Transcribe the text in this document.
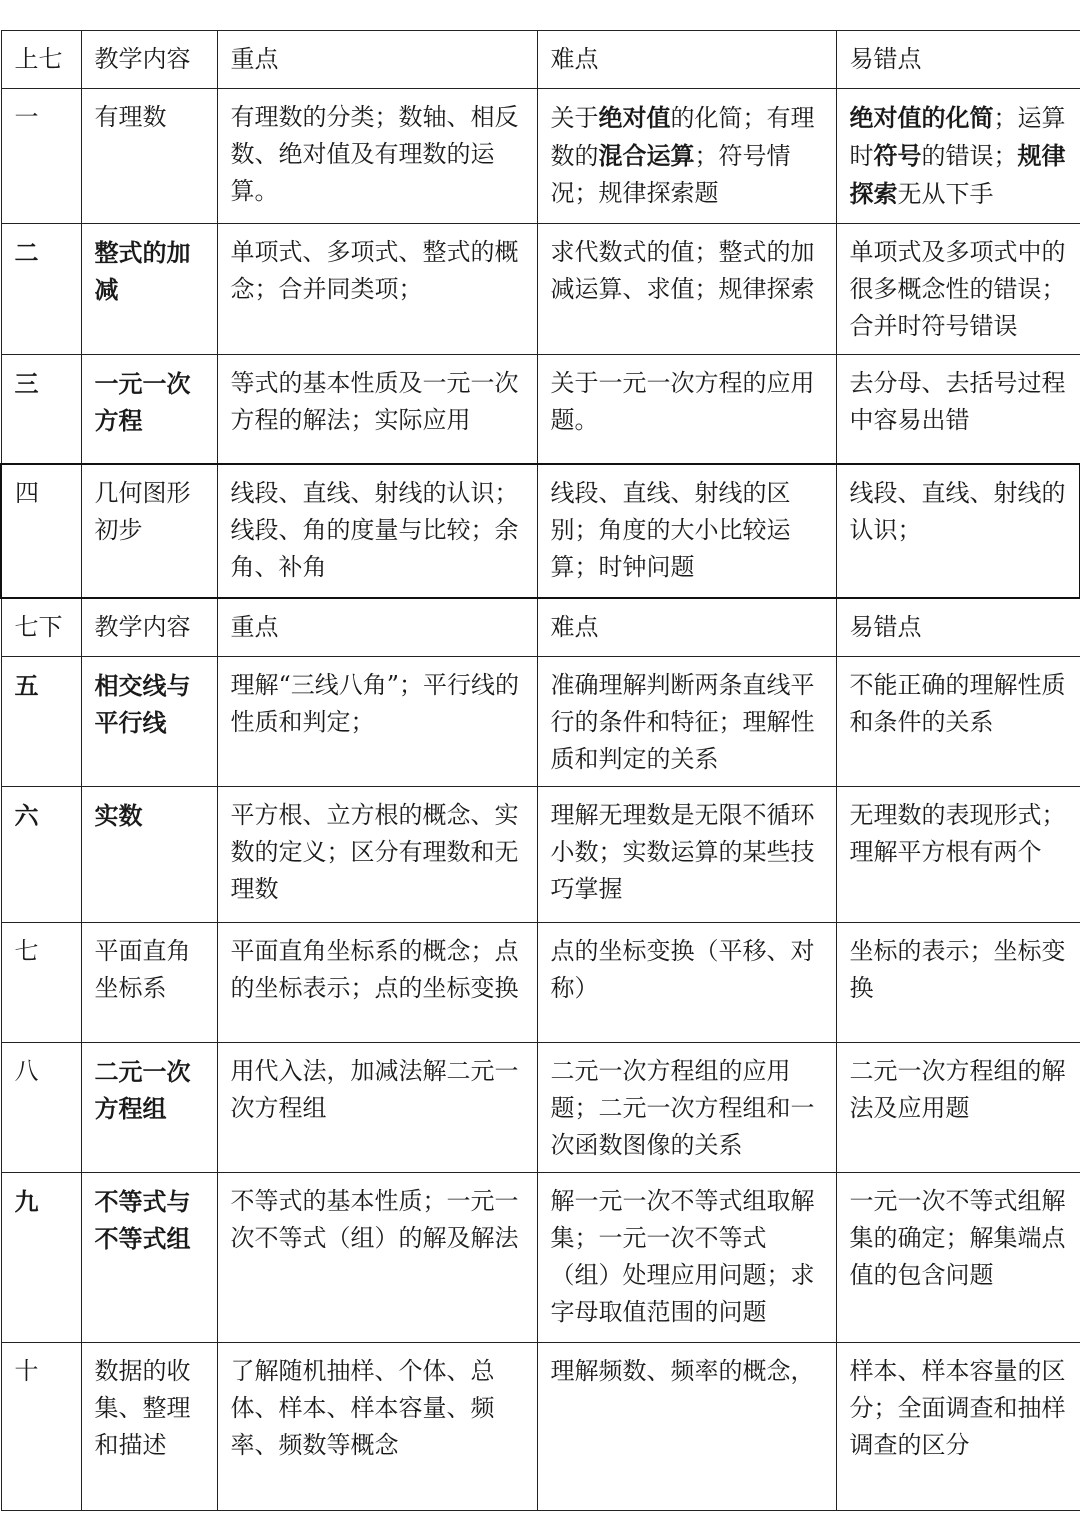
上七	教学内容	重点	难点	易错点
一	有理数	有理数的分类；数轴、相反数、绝对值及有理数的运算。	关于绝对值的化简；有理数的混合运算；符号情况；规律探索题	绝对值的化简；运算时符号的错误；规律探索无从下手
二	整式的加减	单项式、多项式、整式的概念；合并同类项；	求代数式的值；整式的加减运算、求值；规律探索	单项式及多项式中的很多概念性的错误；合并时符号错误
三	一元一次方程	等式的基本性质及一元一次方程的解法；实际应用	关于一元一次方程的应用题。	去分母、去括号过程中容易出错
四	几何图形初步	线段、直线、射线的认识；线段、角的度量与比较；余角、补角	线段、直线、射线的区别；角度的大小比较运算；时钟问题	线段、直线、射线的认识；
七下	教学内容	重点	难点	易错点
五	相交线与平行线	理解“三线八角”；平行线的性质和判定；	准确理解判断两条直线平行的条件和特征；理解性质和判定的关系	不能正确的理解性质和条件的关系
六	实数	平方根、立方根的概念、实数的定义；区分有理数和无理数	理解无理数是无限不循环小数；实数运算的某些技巧掌握	无理数的表现形式；理解平方根有两个
七	平面直角坐标系	平面直角坐标系的概念；点的坐标表示；点的坐标变换	点的坐标变换（平移、对称）	坐标的表示；坐标变换
八	二元一次方程组	用代入法，加减法解二元一次方程组	二元一次方程组的应用题；二元一次方程组和一次函数图像的关系	二元一次方程组的解法及应用题
九	不等式与不等式组	不等式的基本性质；一元一次不等式（组）的解及解法	解一元一次不等式组取解集；一元一次不等式（组）处理应用问题；求字母取值范围的问题	一元一次不等式组解集的确定；解集端点值的包含问题
十	数据的收集、整理和描述	了解随机抽样、个体、总体、样本、样本容量、频率、频数等概念	理解频数、频率的概念，	样本、样本容量的区分；全面调查和抽样调查的区分
